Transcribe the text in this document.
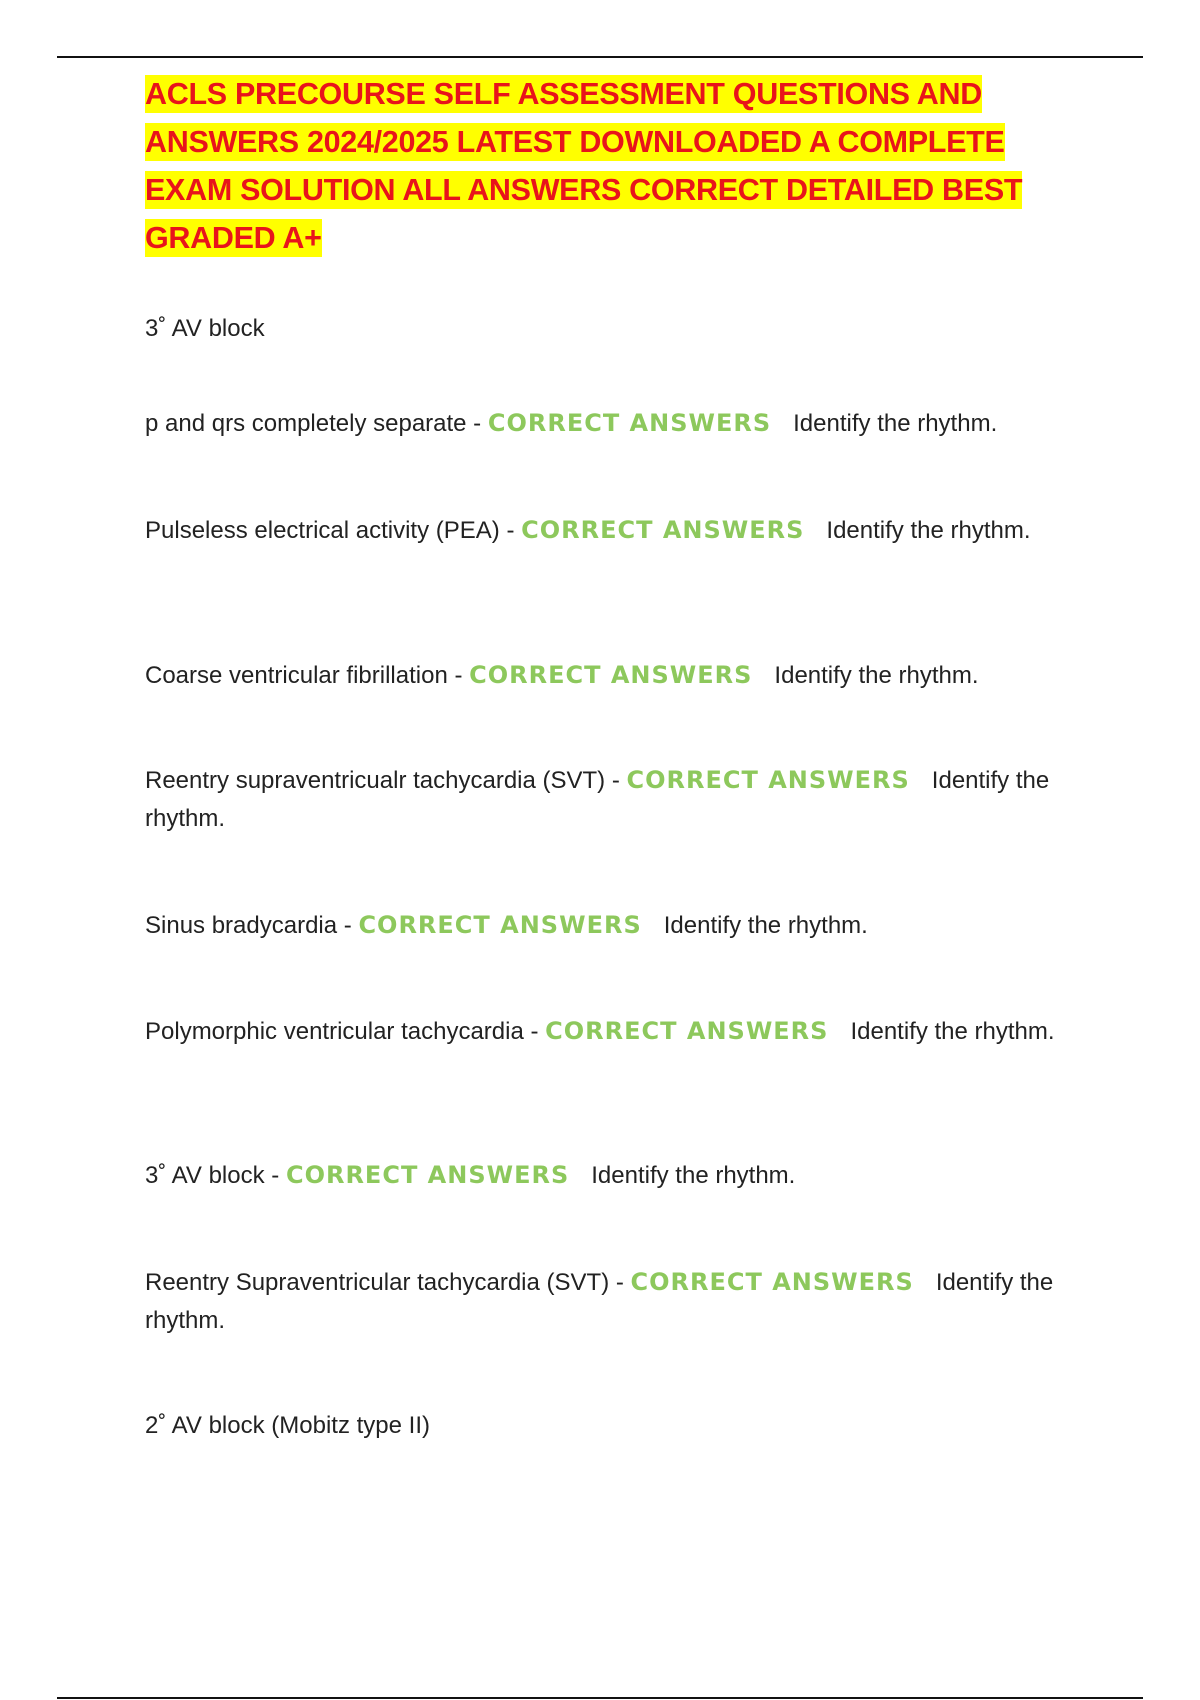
ACLS PRECOURSE SELF ASSESSMENT QUESTIONS AND ANSWERS 2024/2025 LATEST DOWNLOADED A COMPLETE EXAM SOLUTION ALL ANSWERS CORRECT DETAILED BEST GRADED A+

3˚ AV block

p and qrs completely separate - CORRECT ANSWERS Identify the rhythm.

Pulseless electrical activity (PEA) - CORRECT ANSWERS Identify the rhythm.

Coarse ventricular fibrillation - CORRECT ANSWERS Identify the rhythm.

Reentry supraventricualr tachycardia (SVT) - CORRECT ANSWERS Identify the rhythm.

Sinus bradycardia - CORRECT ANSWERS Identify the rhythm.

Polymorphic ventricular tachycardia - CORRECT ANSWERS Identify the rhythm.

3˚ AV block - CORRECT ANSWERS Identify the rhythm.

Reentry Supraventricular tachycardia (SVT) - CORRECT ANSWERS Identify the rhythm.

2˚ AV block (Mobitz type II)
